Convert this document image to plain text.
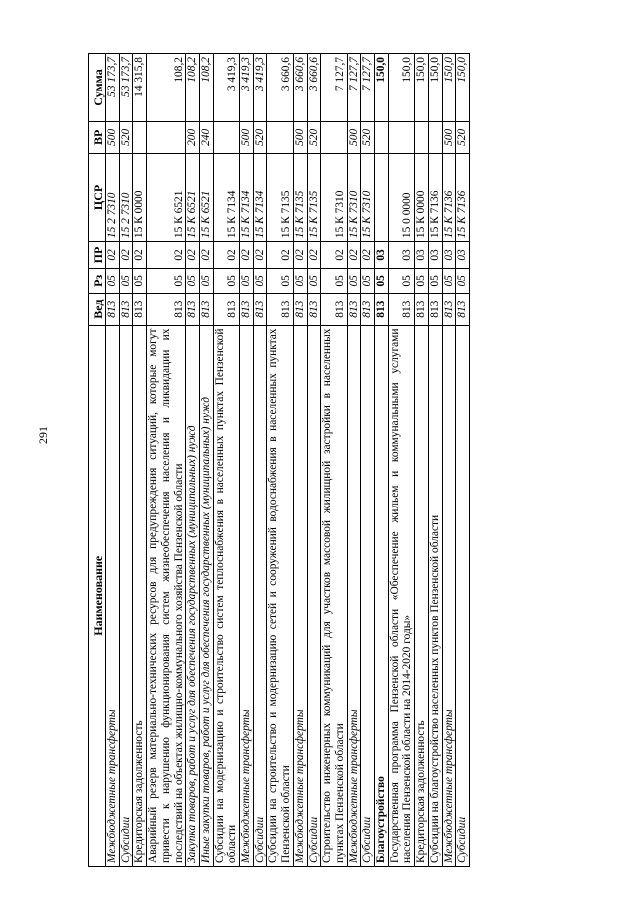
291
Наименование	Вед	Рз	ПР	ЦСР	ВР	Сумма
Межбюджетные трансферты	813	05	02	15 2 7310	500	53 173,7
Субсидии	813	05	02	15 2 7310	520	53 173,7
Кредиторская задолженность	813	05	02	15 К 0000		14 315,8
Аварийный резерв материально-технических ресурсов для предупреждения ситуаций, которые могут привести к нарушению функционирования систем жизнеобеспечения населения и ликвидации их последствий на объектах жилищно-коммунального хозяйства Пензенской области	813	05	02	15 К 6521		108,2
Закупка товаров, работ и услуг для обеспечения государственных (муниципальных) нужд	813	05	02	15 К 6521	200	108,2
Иные закупки товаров, работ и услуг для обеспечения государственных (муниципальных) нужд	813	05	02	15 К 6521	240	108,2
Субсидии на модернизацию и строительство систем теплоснабжения в населенных пунктах Пензенской области	813	05	02	15 К 7134		3 419,3
Межбюджетные трансферты	813	05	02	15 К 7134	500	3 419,3
Субсидии	813	05	02	15 К 7134	520	3 419,3
Субсидии на строительство и модернизацию сетей и сооружений водоснабжения в населенных пунктах Пензенской области	813	05	02	15 К 7135		3 660,6
Межбюджетные трансферты	813	05	02	15 К 7135	500	3 660,6
Субсидии	813	05	02	15 К 7135	520	3 660,6
Строительство инженерных коммуникаций для участков массовой жилищной застройки в населенных пунктах Пензенской области	813	05	02	15 К 7310		7 127,7
Межбюджетные трансферты	813	05	02	15 К 7310	500	7 127,7
Субсидии	813	05	02	15 К 7310	520	7 127,7
Благоустройство	813	05	03			150,0
Государственная программа Пензенской области «Обеспечение жильем и коммунальными услугами населения Пензенской области на 2014-2020 годы»	813	05	03	15 0 0000		150,0
Кредиторская задолженность	813	05	03	15 К 0000		150,0
Субсидии на благоустройство населенных пунктов Пензенской области	813	05	03	15 К 7136		150,0
Межбюджетные трансферты	813	05	03	15 К 7136	500	150,0
Субсидии	813	05	03	15 К 7136	520	150,0
